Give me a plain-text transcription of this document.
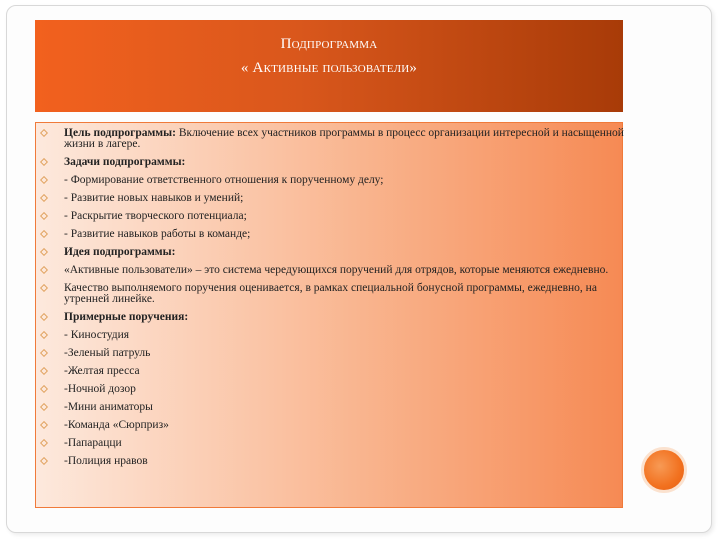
Подпрограмма
« Активные пользователи»
Цель подпрограммы: Включение всех участников программы в процесс организации интересной и насыщенной жизни в лагере.
Задачи подпрограммы:
- Формирование ответственного отношения к порученному делу;
- Развитие новых навыков и умений;
- Раскрытие творческого потенциала;
- Развитие навыков работы в команде;
Идея подпрограммы:
«Активные пользователи» – это система чередующихся поручений для отрядов, которые меняются ежедневно.
Качество выполняемого поручения оценивается, в рамках специальной бонусной программы, ежедневно, на утренней линейке.
Примерные поручения:
- Киностудия
-Зеленый патруль
-Желтая пресса
-Ночной дозор
-Мини аниматоры
-Команда «Сюрприз»
-Папарацци
-Полиция нравов
